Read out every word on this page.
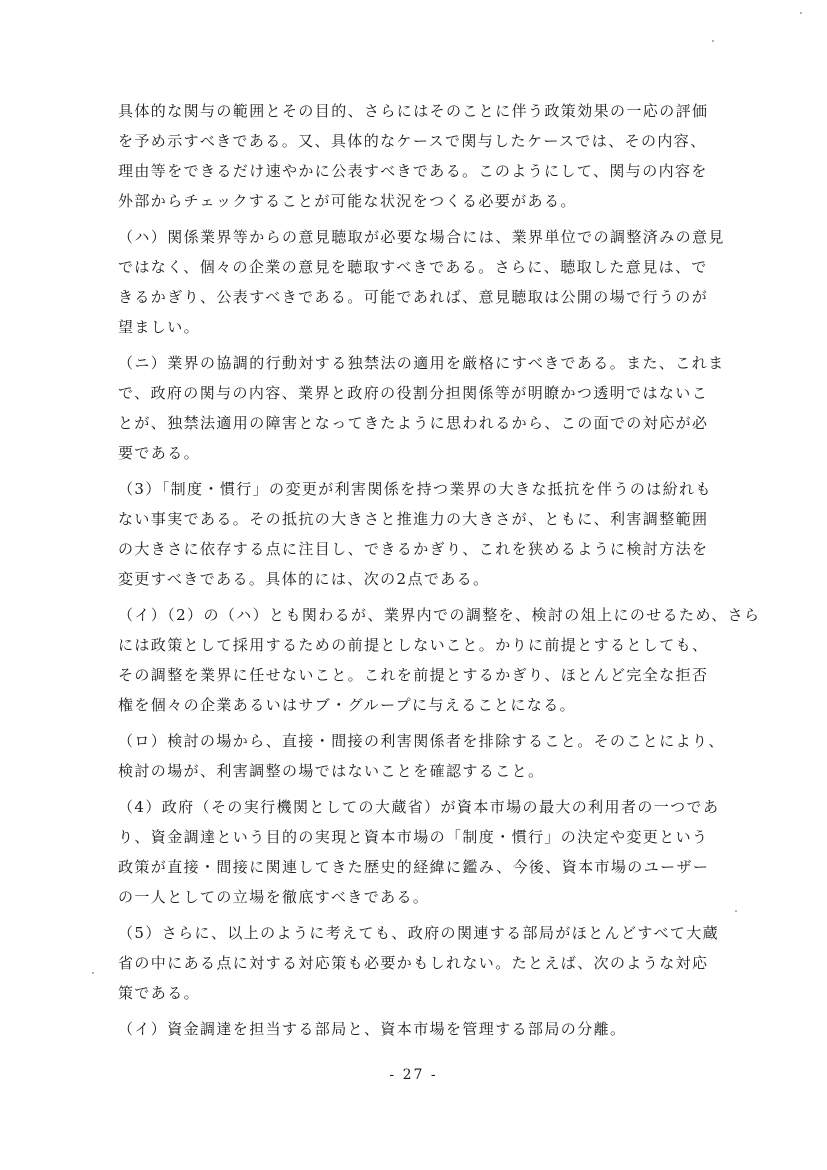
具体的な関与の範囲とその目的、さらにはそのことに伴う政策効果の一応の評価
を予め示すべきである。又、具体的なケースで関与したケースでは、その内容、
理由等をできるだけ速やかに公表すべきである。このようにして、関与の内容を
外部からチェックすることが可能な状況をつくる必要がある。
（ハ）関係業界等からの意見聴取が必要な場合には、業界単位での調整済みの意見
ではなく、個々の企業の意見を聴取すべきである。さらに、聴取した意見は、で
きるかぎり、公表すべきである。可能であれば、意見聴取は公開の場で行うのが
望ましい。
（ニ）業界の協調的行動対する独禁法の適用を厳格にすべきである。また、これま
で、政府の関与の内容、業界と政府の役割分担関係等が明瞭かつ透明ではないこ
とが、独禁法適用の障害となってきたように思われるから、この面での対応が必
要である。
（3）「制度・慣行」の変更が利害関係を持つ業界の大きな抵抗を伴うのは紛れも
ない事実である。その抵抗の大きさと推進力の大きさが、ともに、利害調整範囲
の大きさに依存する点に注目し、できるかぎり、これを狭めるように検討方法を
変更すべきである。具体的には、次の2点である。
（イ）（2）の（ハ）とも関わるが、業界内での調整を、検討の俎上にのせるため、さら
には政策として採用するための前提としないこと。かりに前提とするとしても、
その調整を業界に任せないこと。これを前提とするかぎり、ほとんど完全な拒否
権を個々の企業あるいはサブ・グループに与えることになる。
（ロ）検討の場から、直接・間接の利害関係者を排除すること。そのことにより、
検討の場が、利害調整の場ではないことを確認すること。
（4）政府（その実行機関としての大蔵省）が資本市場の最大の利用者の一つであ
り、資金調達という目的の実現と資本市場の「制度・慣行」の決定や変更という
政策が直接・間接に関連してきた歴史的経緯に鑑み、今後、資本市場のユーザー
の一人としての立場を徹底すべきである。
（5）さらに、以上のように考えても、政府の関連する部局がほとんどすべて大蔵
省の中にある点に対する対応策も必要かもしれない。たとえば、次のような対応
策である。
（イ）資金調達を担当する部局と、資本市場を管理する部局の分離。
- 27 -
